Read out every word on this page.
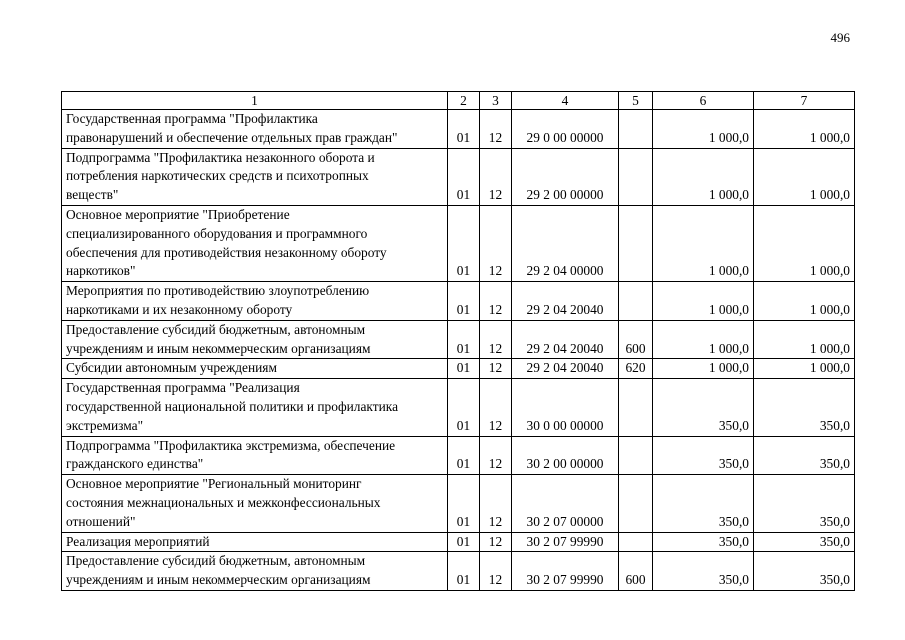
496
1	2	3	4	5	6	7
Государственная программа "Профилактика
правонарушений и обеспечение отдельных прав граждан"	01	12	29 0 00 00000		1 000,0	1 000,0
Подпрограмма "Профилактика незаконного оборота и
потребления наркотических средств и психотропных
веществ"	01	12	29 2 00 00000		1 000,0	1 000,0
Основное мероприятие "Приобретение
специализированного оборудования и программного
обеспечения для противодействия незаконному обороту
наркотиков"	01	12	29 2 04 00000		1 000,0	1 000,0
Мероприятия по противодействию злоупотреблению
наркотиками и их незаконному обороту	01	12	29 2 04 20040		1 000,0	1 000,0
Предоставление субсидий бюджетным, автономным
учреждениям и иным некоммерческим организациям	01	12	29 2 04 20040	600	1 000,0	1 000,0
Субсидии автономным учреждениям	01	12	29 2 04 20040	620	1 000,0	1 000,0
Государственная программа "Реализация
государственной национальной политики и профилактика
экстремизма"	01	12	30 0 00 00000		350,0	350,0
Подпрограмма "Профилактика экстремизма, обеспечение
гражданского единства"	01	12	30 2 00 00000		350,0	350,0
Основное мероприятие "Региональный мониторинг
состояния межнациональных и межконфессиональных
отношений"	01	12	30 2 07 00000		350,0	350,0
Реализация мероприятий	01	12	30 2 07 99990		350,0	350,0
Предоставление субсидий бюджетным, автономным
учреждениям и иным некоммерческим организациям	01	12	30 2 07 99990	600	350,0	350,0
